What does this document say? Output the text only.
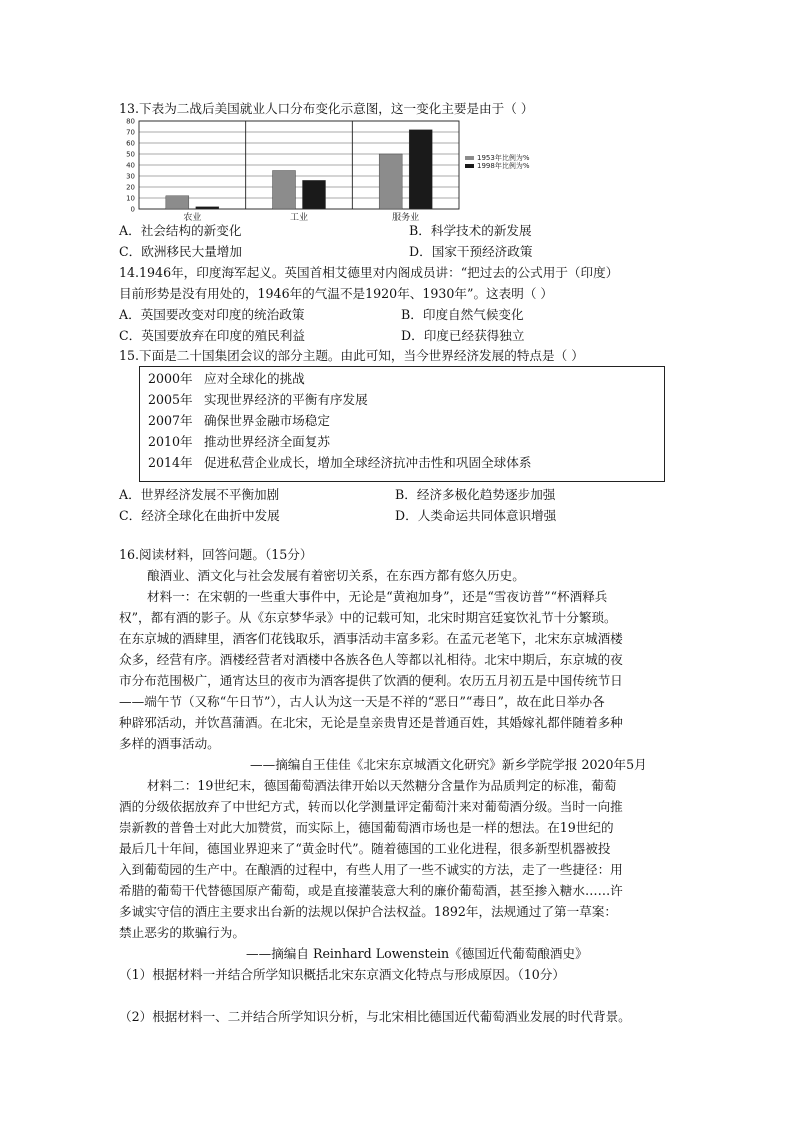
13.下表为二战后美国就业人口分布变化示意图，这一变化主要是由于（ ）
0
10
20
30
40
50
60
70
80
农业	工业	服务业
1953年比例为%
1998年比例为%
A．社会结构的新变化	B．科学技术的新发展
C．欧洲移民大量增加	D．国家干预经济政策
14.1946年，印度海军起义。英国首相艾德里对内阁成员讲：“把过去的公式用于（印度）
目前形势是没有用处的，1946年的气温不是1920年、1930年”。这表明（ ）
A．英国要改变对印度的统治政策	B．印度自然气候变化
C．英国要放弃在印度的殖民利益	D．印度已经获得独立
15.下面是二十国集团会议的部分主题。由此可知，当今世界经济发展的特点是（ ）
2000年 应对全球化的挑战
2005年 实现世界经济的平衡有序发展
2007年 确保世界金融市场稳定
2010年 推动世界经济全面复苏
2014年 促进私营企业成长，增加全球经济抗冲击性和巩固全球体系
A．世界经济发展不平衡加剧	B．经济多极化趋势逐步加强
C．经济全球化在曲折中发展	D．人类命运共同体意识增强
16.阅读材料，回答问题。（15分）
酿酒业、酒文化与社会发展有着密切关系，在东西方都有悠久历史。
材料一：在宋朝的一些重大事件中，无论是“黄袍加身”，还是“雪夜访普”“杯酒释兵
权”，都有酒的影子。从《东京梦华录》中的记载可知，北宋时期宫廷宴饮礼节十分繁琐。
在东京城的酒肆里，酒客们花钱取乐，酒事活动丰富多彩。在孟元老笔下，北宋东京城酒楼
众多，经营有序。酒楼经营者对酒楼中各族各色人等都以礼相待。北宋中期后，东京城的夜
市分布范围极广，通宵达旦的夜市为酒客提供了饮酒的便利。农历五月初五是中国传统节日
——端午节（又称“午日节”），古人认为这一天是不祥的“恶日”“毒日”，故在此日举办各
种辟邪活动，并饮菖蒲酒。在北宋，无论是皇亲贵胄还是普通百姓，其婚嫁礼都伴随着多种
多样的酒事活动。
——摘编自王佳佳《北宋东京城酒文化研究》新乡学院学报 2020年5月
材料二：19世纪末，德国葡萄酒法律开始以天然糖分含量作为品质判定的标准，葡萄
酒的分级依据放弃了中世纪方式，转而以化学测量评定葡萄汁来对葡萄酒分级。当时一向推
崇新教的普鲁士对此大加赞赏，而实际上，德国葡萄酒市场也是一样的想法。在19世纪的
最后几十年间，德国业界迎来了“黄金时代”。随着德国的工业化进程，很多新型机器被投
入到葡萄园的生产中。在酿酒的过程中，有些人用了一些不诚实的方法，走了一些捷径：用
希腊的葡萄干代替德国原产葡萄，或是直接灌装意大利的廉价葡萄酒，甚至掺入糖水……许
多诚实守信的酒庄主要求出台新的法规以保护合法权益。1892年，法规通过了第一草案：
禁止恶劣的欺骗行为。
——摘编自 Reinhard Lowenstein《德国近代葡萄酿酒史》
（1）根据材料一并结合所学知识概括北宋东京酒文化特点与形成原因。（10分）
（2）根据材料一、二并结合所学知识分析，与北宋相比德国近代葡萄酒业发展的时代背景。
